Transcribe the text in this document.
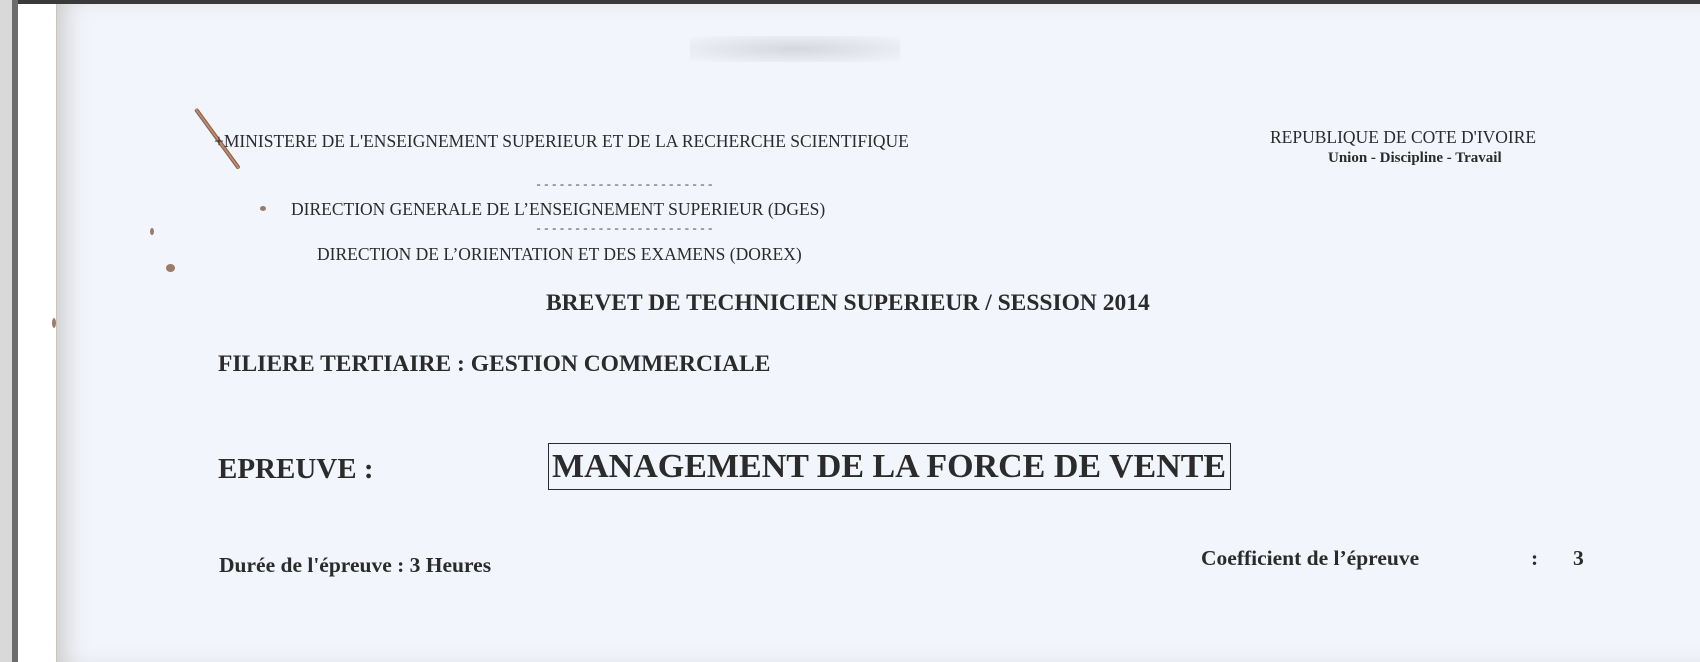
+MINISTERE DE L'ENSEIGNEMENT SUPERIEUR ET DE LA RECHERCHE SCIENTIFIQUE	REPUBLIQUE DE COTE D'IVOIRE
Union - Discipline - Travail
-----------------------
DIRECTION GENERALE DE L’ENSEIGNEMENT SUPERIEUR (DGES)
-----------------------
DIRECTION DE L’ORIENTATION ET DES EXAMENS (DOREX)
BREVET DE TECHNICIEN SUPERIEUR / SESSION 2014
FILIERE TERTIAIRE : GESTION COMMERCIALE
EPREUVE :	MANAGEMENT DE LA FORCE DE VENTE
Durée de l'épreuve : 3 Heures	Coefficient de l’épreuve	: 3
